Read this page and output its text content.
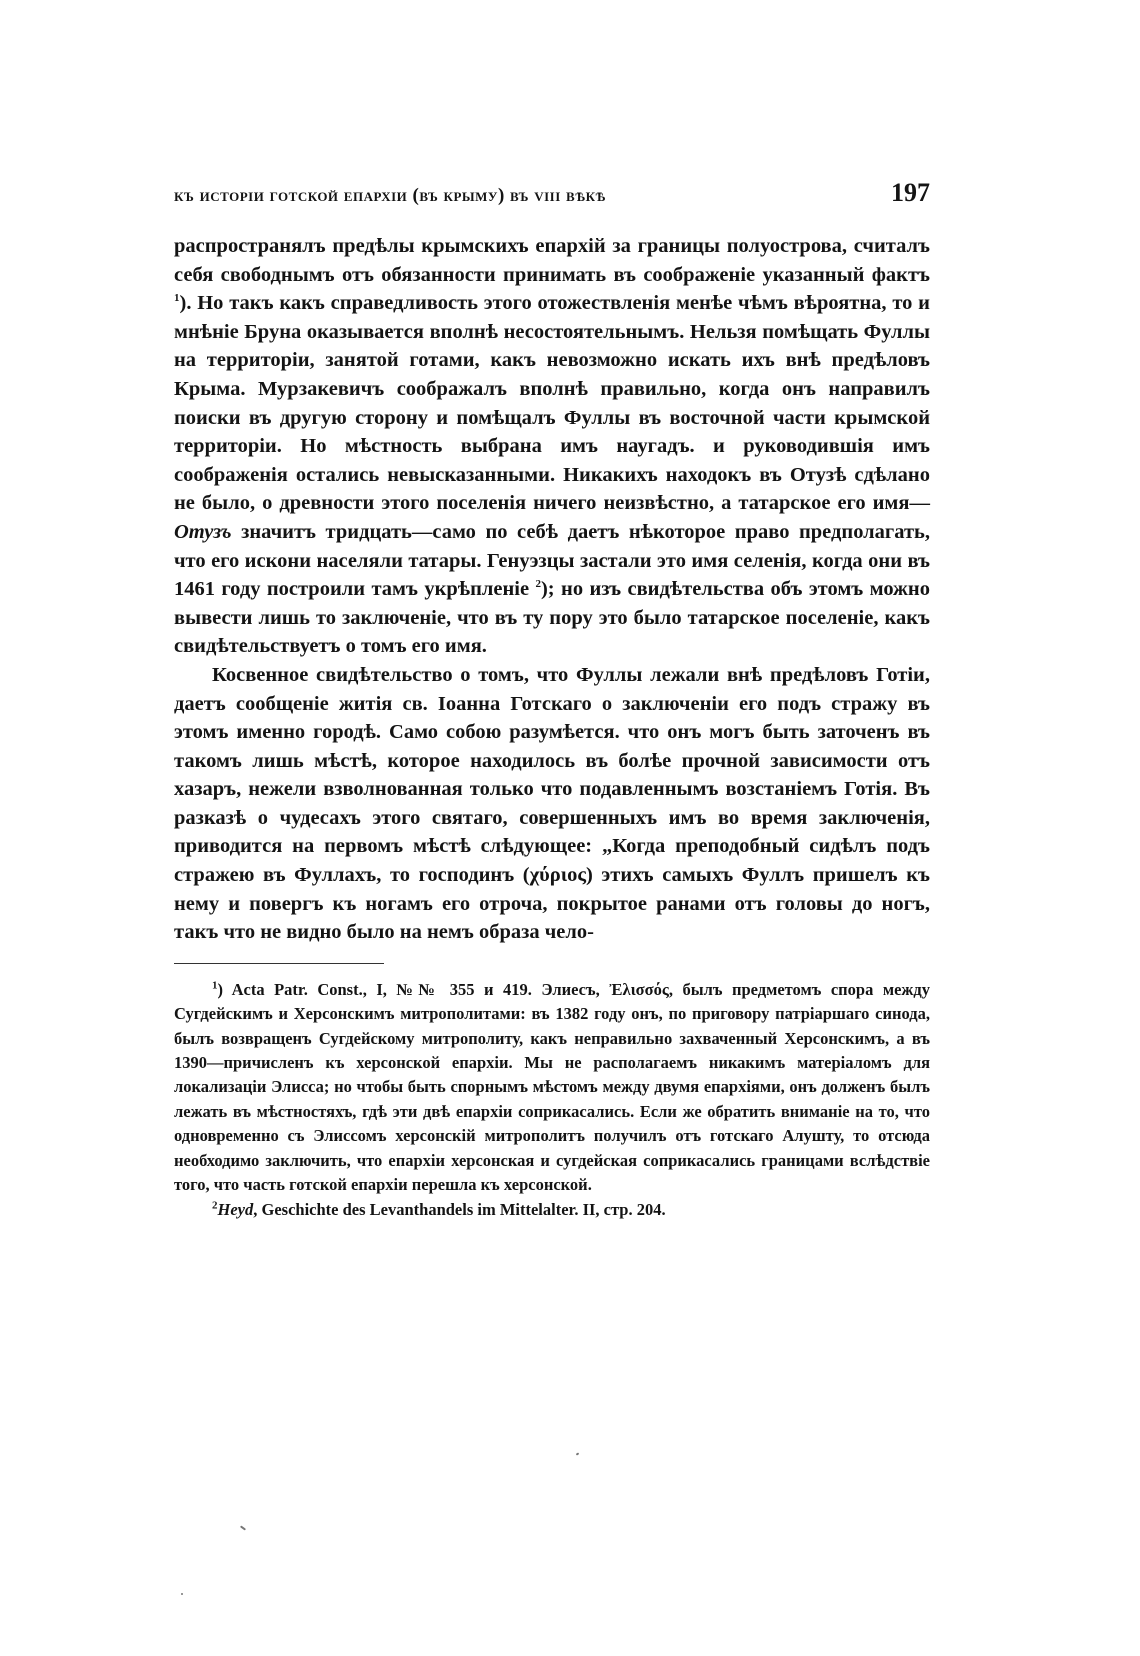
къ исторіи готской епархіи (въ крыму) въ viii вѣкѣ	197

распространялъ предѣлы крымскихъ епархій за границы полуострова, считалъ себя свободнымъ отъ обязанности принимать въ соображеніе указанный фактъ $^1$). Но такъ какъ справедливость этого отожествленія менѣе чѣмъ вѣроятна, то и мнѣніе Бруна оказывается вполнѣ несостоятельнымъ. Нельзя помѣщать Фуллы на территоріи, занятой готами, какъ невозможно искать ихъ внѣ предѣловъ Крыма. Мурзакевичъ соображалъ вполнѣ правильно, когда онъ направилъ поиски въ другую сторону и помѣщалъ Фуллы въ восточной части крымской территоріи. Но мѣстность выбрана имъ наугадъ. и руководившія имъ соображенія остались невысказанными. Никакихъ находокъ въ Отузѣ сдѣлано не было, о древности этого поселенія ничего неизвѣстно, а татарское его имя—Отузъ значитъ тридцать—само по себѣ даетъ нѣкоторое право предполагать, что его искони населяли татары. Генуэзцы застали это имя селенія, когда они въ 1461 году построили тамъ укрѣпленіе $^2$); но изъ свидѣтельства объ этомъ можно вывести лишь то заключеніе, что въ ту пору это было татарское поселеніе, какъ свидѣтельствуетъ о томъ его имя.

Косвенное свидѣтельство о томъ, что Фуллы лежали внѣ предѣловъ Готіи, даетъ сообщеніе житія св. Іоанна Готскаго о заключеніи его подъ стражу въ этомъ именно городѣ. Само собою разумѣется. что онъ могъ быть заточенъ въ такомъ лишь мѣстѣ, которое находилось въ болѣе прочной зависимости отъ хазаръ, нежели взволнованная только что подавленнымъ возстаніемъ Готія. Въ разказѣ о чудесахъ этого святаго, совершенныхъ имъ во время заключенія, приводится на первомъ мѣстѣ слѣдующее: „Когда преподобный сидѣлъ подъ стражею въ Фуллахъ, то господинъ (χύριος) этихъ самыхъ Фуллъ пришелъ къ нему и повергъ къ ногамъ его отроча, покрытое ранами отъ головы до ногъ, такъ что не видно было на немъ образа чело-

$^1$) Acta Patr. Const., I, №№ 355 и 419. Элиесъ, Ἐλισσός, былъ предметомъ спора между Сугдейскимъ и Херсонскимъ митрополитами: въ 1382 году онъ, по приговору патріаршаго синода, былъ возвращенъ Сугдейскому митрополиту, какъ неправильно захваченный Херсонскимъ, а въ 1390—причисленъ къ херсонской епархіи. Мы не располагаемъ никакимъ матеріаломъ для локализаціи Элисса; но чтобы быть спорнымъ мѣстомъ между двумя епархіями, онъ долженъ былъ лежать въ мѣстностяхъ, гдѣ эти двѣ епархіи соприкасались. Если же обратить вниманіе на то, что одновременно съ Элиссомъ херсонскій митрополитъ получилъ отъ готскаго Алушту, то отсюда необходимо заключить, что епархіи херсонская и сугдейская соприкасались границами вслѣдствіе того, что часть готской епархіи перешла къ херсонской.

$^2$Heyd, Geschichte des Levanthandels im Mittelalter. II, стр. 204.
